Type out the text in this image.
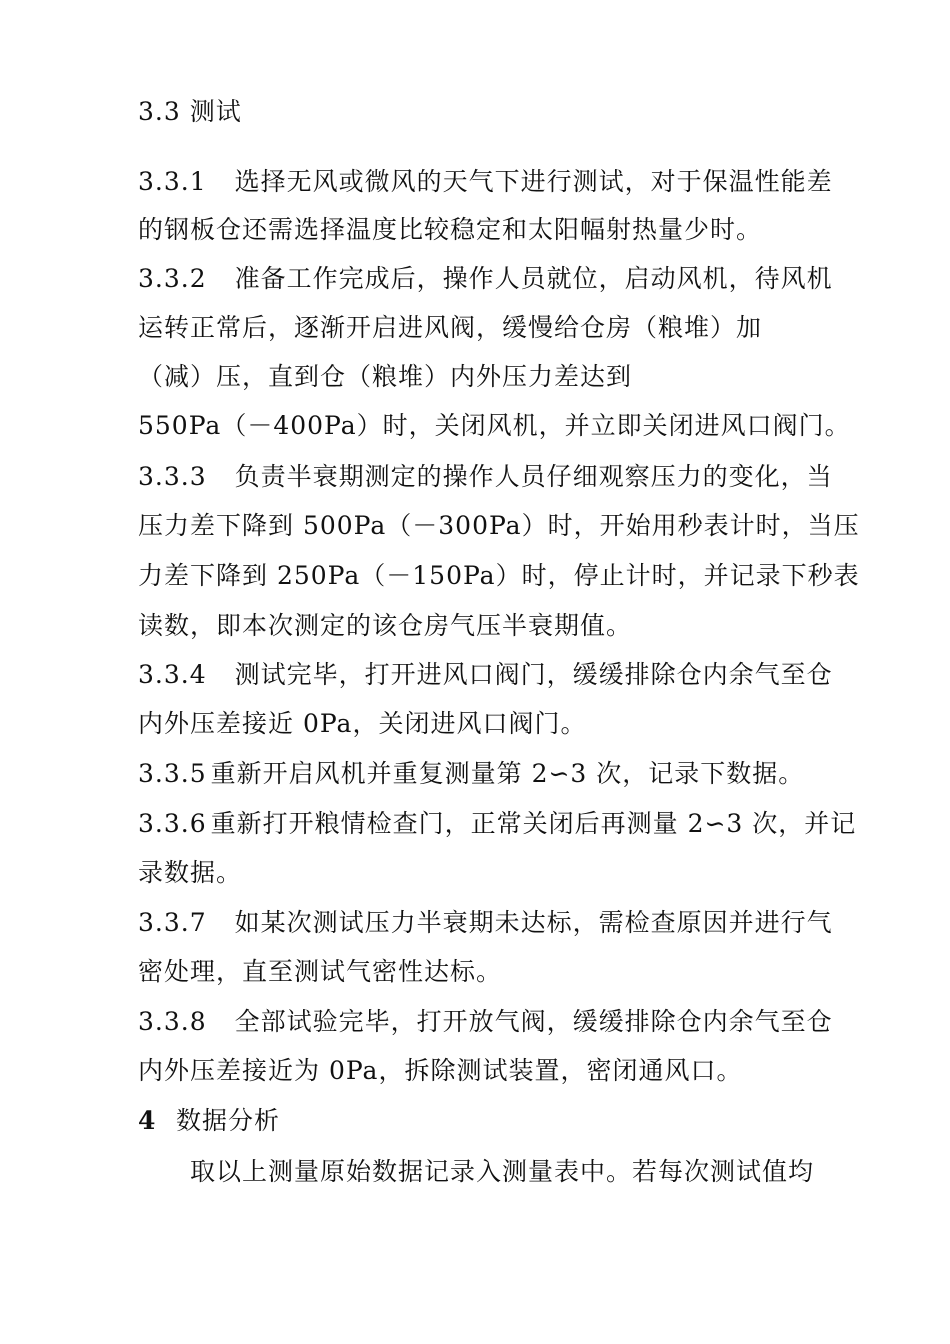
3.3 测试
3.3.1 选择无风或微风的天气下进行测试，对于保温性能差
的钢板仓还需选择温度比较稳定和太阳幅射热量少时。
3.3.2 准备工作完成后，操作人员就位，启动风机，待风机
运转正常后，逐渐开启进风阀，缓慢给仓房（粮堆）加
（减）压，直到仓（粮堆）内外压力差达到
550Pa（－400Pa）时，关闭风机，并立即关闭进风口阀门。
3.3.3 负责半衰期测定的操作人员仔细观察压力的变化，当
压力差下降到 500Pa（－300Pa）时，开始用秒表计时，当压
力差下降到 250Pa（－150Pa）时，停止计时，并记录下秒表
读数，即本次测定的该仓房气压半衰期值。
3.3.4 测试完毕，打开进风口阀门，缓缓排除仓内余气至仓
内外压差接近 0Pa，关闭进风口阀门。
3.3.5 重新开启风机并重复测量第 2∽3 次，记录下数据。
3.3.6 重新打开粮情检查门，正常关闭后再测量 2∽3 次，并记
录数据。
3.3.7 如某次测试压力半衰期未达标，需检查原因并进行气
密处理，直至测试气密性达标。
3.3.8 全部试验完毕，打开放气阀，缓缓排除仓内余气至仓
内外压差接近为 0Pa，拆除测试装置，密闭通风口。
4 数据分析
取以上测量原始数据记录入测量表中。若每次测试值均
